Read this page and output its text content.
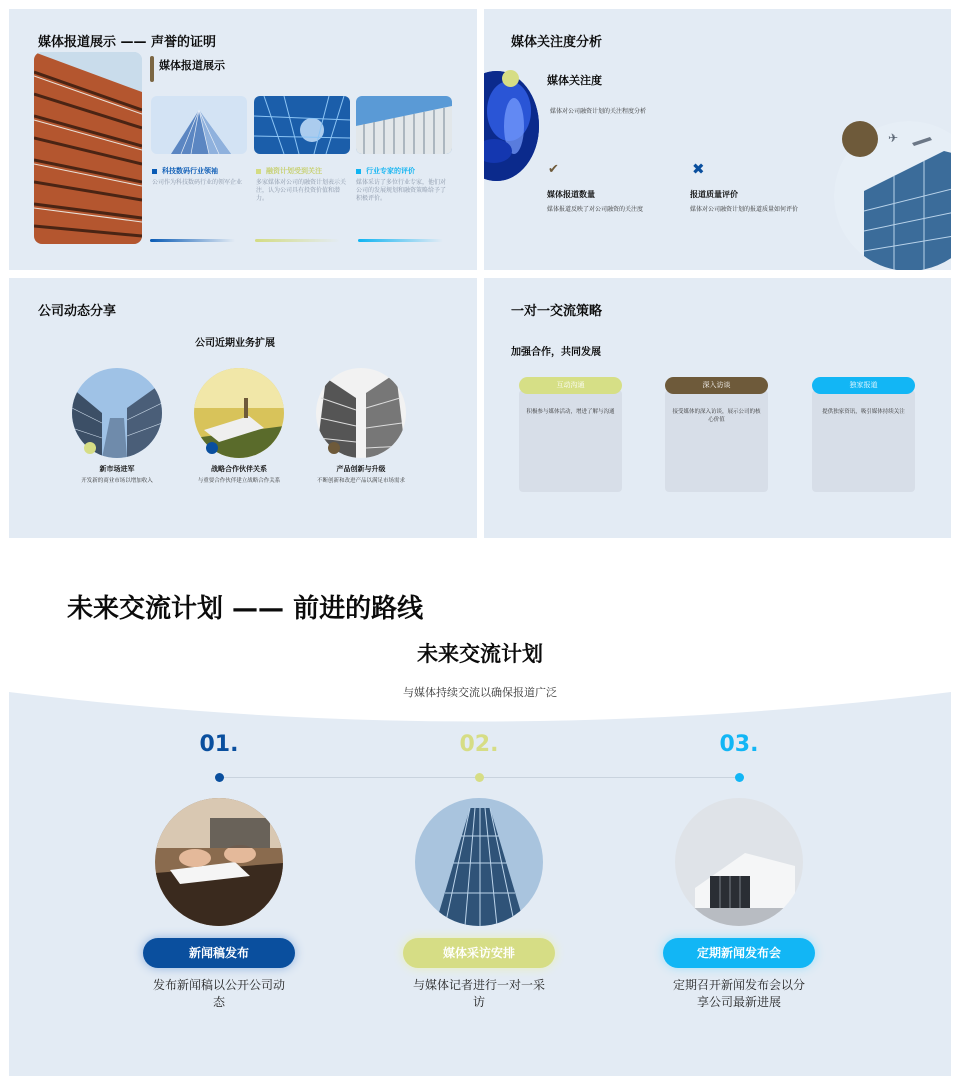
媒体报道展示 —— 声誉的证明
媒体报道展示
科技数码行业领袖	融资计划受到关注	行业专家的评价
公司作为科技数码行业的领军企业	多家媒体对公司的融资计划表示关注，认为公司具有投资价值和潜力。
媒体采访了多位行业专家，他们对公司的发展规划和融资策略给予了积极评价。
媒体关注度分析
媒体关注度
媒体对公司融资计划的关注程度分析
✔	✖
媒体报道数量	报道质量评价
媒体报道反映了对公司融资的关注度	媒体对公司融资计划的报道质量如何评价
✈
公司动态分享
公司近期业务扩展
新市场进军	战略合作伙伴关系	产品创新与升级
开发新的商业市场以增加收入	与重要合作伙伴建立战略合作关系	不断创新和改进产品以满足市场需求
一对一交流策略
加强合作，共同发展
互动沟通	深入访谈	独家报道
积极参与媒体活动，增进了解与沟通	接受媒体的深入访谈，展示公司的核心价值
提供独家资讯，吸引媒体持续关注
未来交流计划 —— 前进的路线
未来交流计划
与媒体持续交流以确保报道广泛
01.	02.	03.
新闻稿发布	媒体采访安排	定期新闻发布会
发布新闻稿以公开公司动态
与媒体记者进行一对一采访
定期召开新闻发布会以分享公司最新进展
